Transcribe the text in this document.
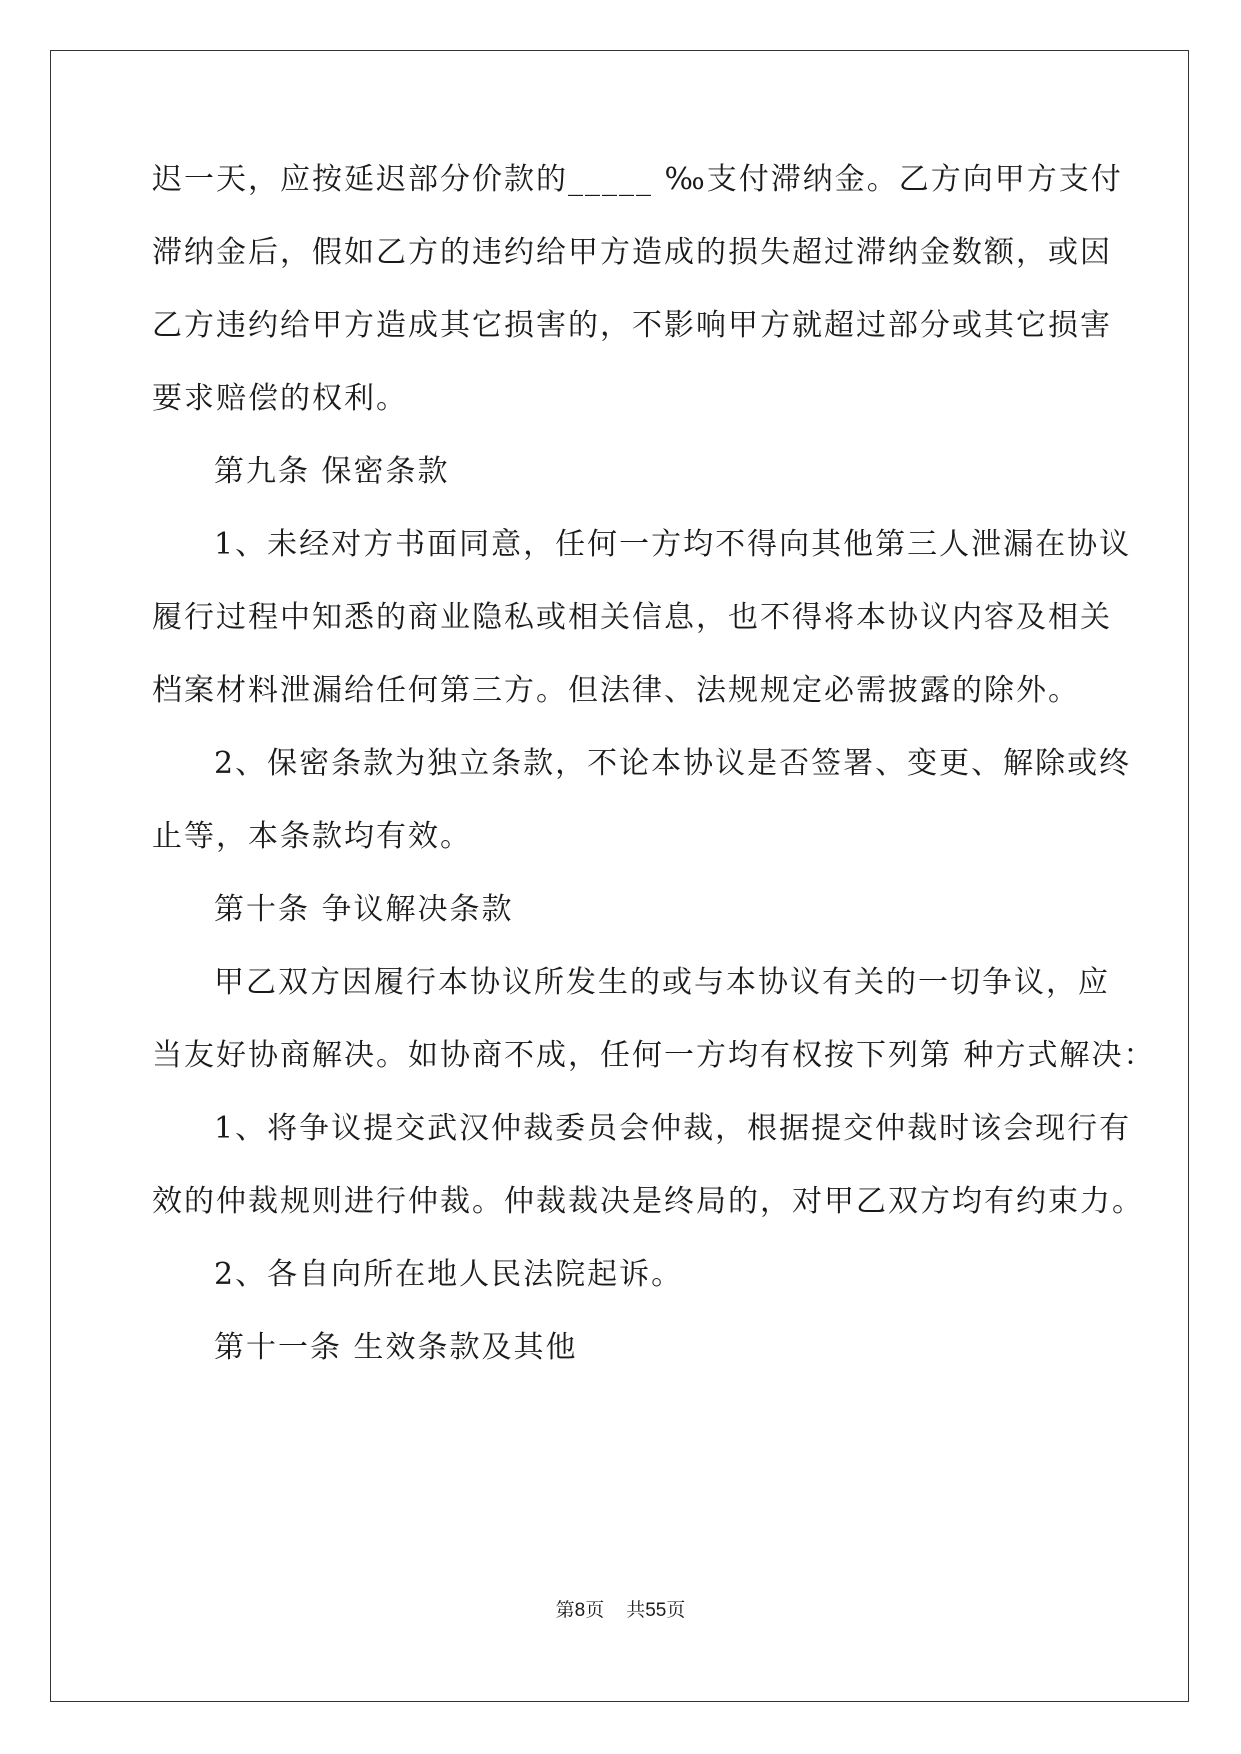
迟一天，应按延迟部分价款的_____ ‰支付滞纳金。乙方向甲方支付
滞纳金后，假如乙方的违约给甲方造成的损失超过滞纳金数额，或因
乙方违约给甲方造成其它损害的，不影响甲方就超过部分或其它损害
要求赔偿的权利。
第九条 保密条款
1、未经对方书面同意，任何一方均不得向其他第三人泄漏在协议
履行过程中知悉的商业隐私或相关信息，也不得将本协议内容及相关
档案材料泄漏给任何第三方。但法律、法规规定必需披露的除外。
2、保密条款为独立条款，不论本协议是否签署、变更、解除或终
止等，本条款均有效。
第十条 争议解决条款
甲乙双方因履行本协议所发生的或与本协议有关的一切争议，应
当友好协商解决。如协商不成，任何一方均有权按下列第 种方式解决：
1、将争议提交武汉仲裁委员会仲裁，根据提交仲裁时该会现行有
效的仲裁规则进行仲裁。仲裁裁决是终局的，对甲乙双方均有约束力。
2、各自向所在地人民法院起诉。
第十一条 生效条款及其他
第8页 共55页
